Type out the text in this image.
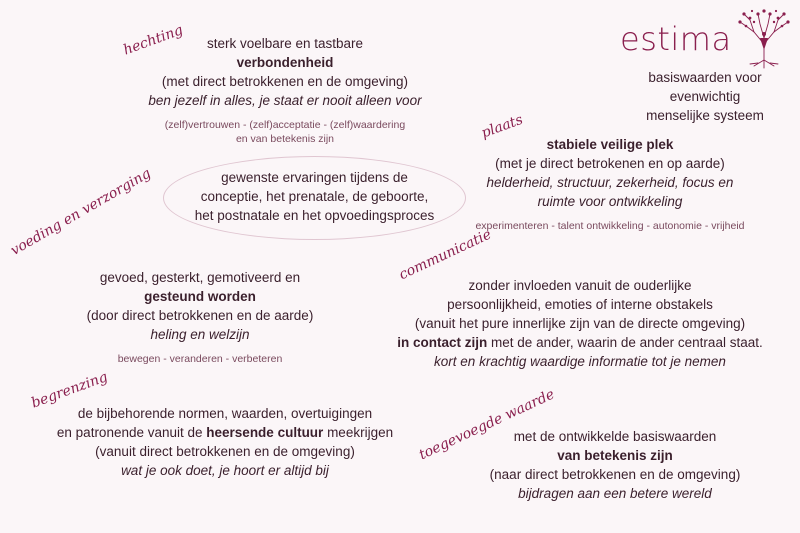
estima
basiswaarden voor
evenwichtig
menselijke systeem
gewenste ervaringen tijdens de
conceptie, het prenatale, de geboorte,
het postnatale en het opvoedingsproces
hechting	sterk voelbare en tastbare
verbondenheid
(met direct betrokkenen en de omgeving)
ben jezelf in alles, je staat er nooit alleen voor
(zelf)vertrouwen - (zelf)acceptatie - (zelf)waardering
en van betekenis zijn	plaats
stabiele veilige plek
(met je direct betrokenen en op aarde)
helderheid, structuur, zekerheid, focus en
ruimte voor ontwikkeling
experimenteren - talent ontwikkeling - autonomie - vrijheid
voeding en verzorging
gevoed, gesterkt, gemotiveerd en
gesteund worden
(door direct betrokkenen en de aarde)
heling en welzijn
bewegen - veranderen - verbeteren
communicatie
zonder invloeden vanuit de ouderlijke
persoonlijkheid, emoties of interne obstakels
(vanuit het pure innerlijke zijn van de directe omgeving)
in contact zijn met de ander, waarin de ander centraal staat.
kort en krachtig waardige informatie tot je nemen
begrenzing
de bijbehorende normen, waarden, overtuigingen
en patronende vanuit de heersende cultuur meekrijgen
(vanuit direct betrokkenen en de omgeving)
wat je ook doet, je hoort er altijd bij
toegevoegde waarde
met de ontwikkelde basiswaarden
van betekenis zijn
(naar direct betrokkenen en de omgeving)
bijdragen aan een betere wereld
